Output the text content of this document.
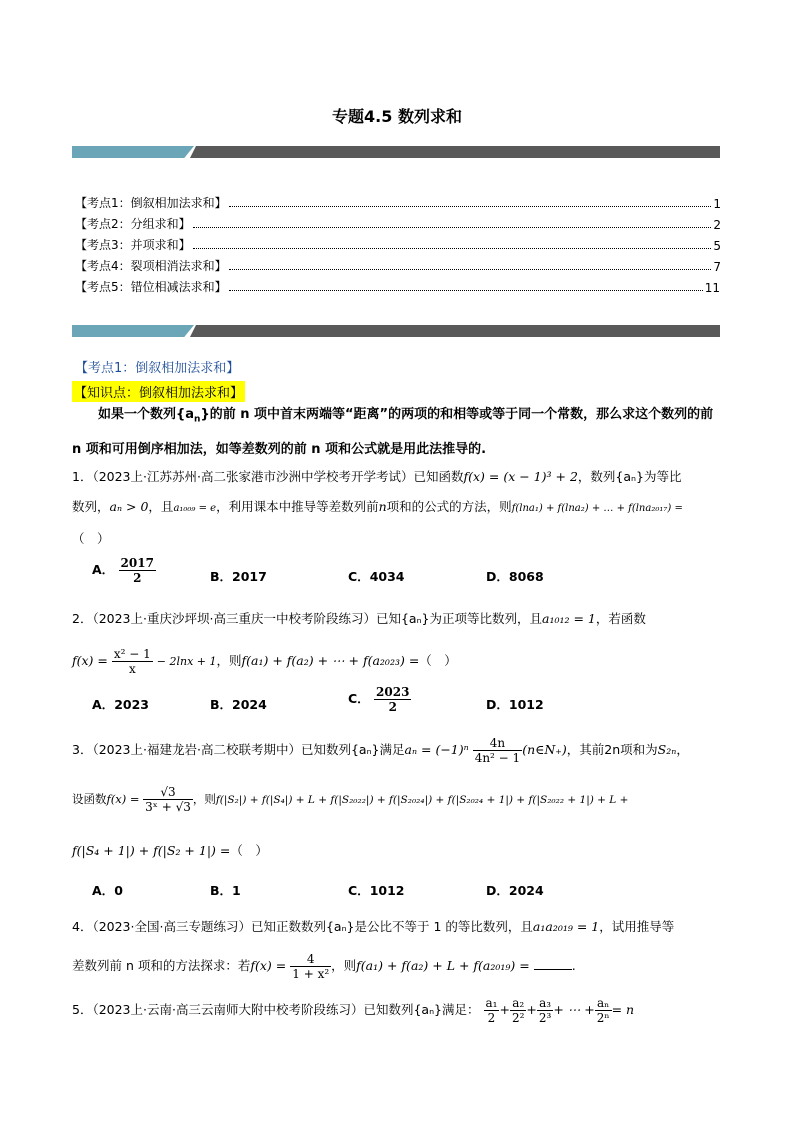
专题4.5 数列求和
【考点1：倒叙相加法求和】	1
【考点2：分组求和】	2
【考点3：并项求和】	5
【考点4：裂项相消法求和】	7
【考点5：错位相减法求和】	11
【考点1：倒叙相加法求和】
【知识点：倒叙相加法求和】
如果一个数列$\{a_n\}$的前 n 项中首末两端等“距离”的两项的和相等或等于同一个常数，那么求这个数列的前 n 项和可用倒序相加法，如等差数列的前 n 项和公式就是用此法推导的.
1．（2023上·江苏苏州·高二张家港市沙洲中学校考开学考试）已知函数f(x) = (x − 1)³ + 2，数列{aₙ}为等比
数列，aₙ > 0，且a₁₀₀₉ = e，利用课本中推导等差数列前n项和的公式的方法，则f(lna₁) + f(lna₂) + … + f(lna₂₀₁₇) =
（　）
A． $\frac{2017}{2}$	B．2017	C．4034	D．8068
2．（2023上·重庆沙坪坝·高三重庆一中校考阶段练习）已知{aₙ}为正项等比数列，且a₁₀₁₂ = 1，若函数
$f(x) = \frac{\text{x² − 1}}{x} - 2\ln x + 1$，则f(a₁) + f(a₂) + ⋯ + f(a₂₀₂₃) =（　）
A．2023	B．2024	C． $\frac{2023}{2}$	D．1012
3．（2023上·福建龙岩·高二校联考期中）已知数列{aₙ}满足$a_n = (-1)^n \frac{4n}{\text{4n² − 1}}$ (n∈N₊)，其前2n项和为S₂ₙ，
设函数$f(x) = \frac{√3}{\text{3ˣ + √3}}$ ，则f(|S₂|) + f(|S₄|) + L + f(|S₂₀₂₂|) + f(|S₂₀₂₄|) + f(|S₂₀₂₄ + 1|) + f(|S₂₀₂₂ + 1|) + L +
f(|S₄ + 1|) + f(|S₂ + 1|) =（　）
A．0	B．1	C．1012	D．2024
4．（2023·全国·高三专题练习）已知正数数列{aₙ}是公比不等于 1 的等比数列，且a₁a₂₀₁₉ = 1，试用推导等
差数列前 n 项和的方法探求：若$f(x) = \frac{4}{\text{1 + x²}}$ ，则f(a₁) + f(a₂) + L + f(a₂₀₁₉) =	.
5．（2023上·云南·高三云南师大附中校考阶段练习）已知数列{aₙ}满足： $\frac{\text{a₁}}{2} + \frac{\text{a₂}}{\text{2²}} + \frac{\text{a₃}}{\text{2³}}$ + ⋯ + $\frac{\text{aₙ}}{\text{2ⁿ}} = n$
